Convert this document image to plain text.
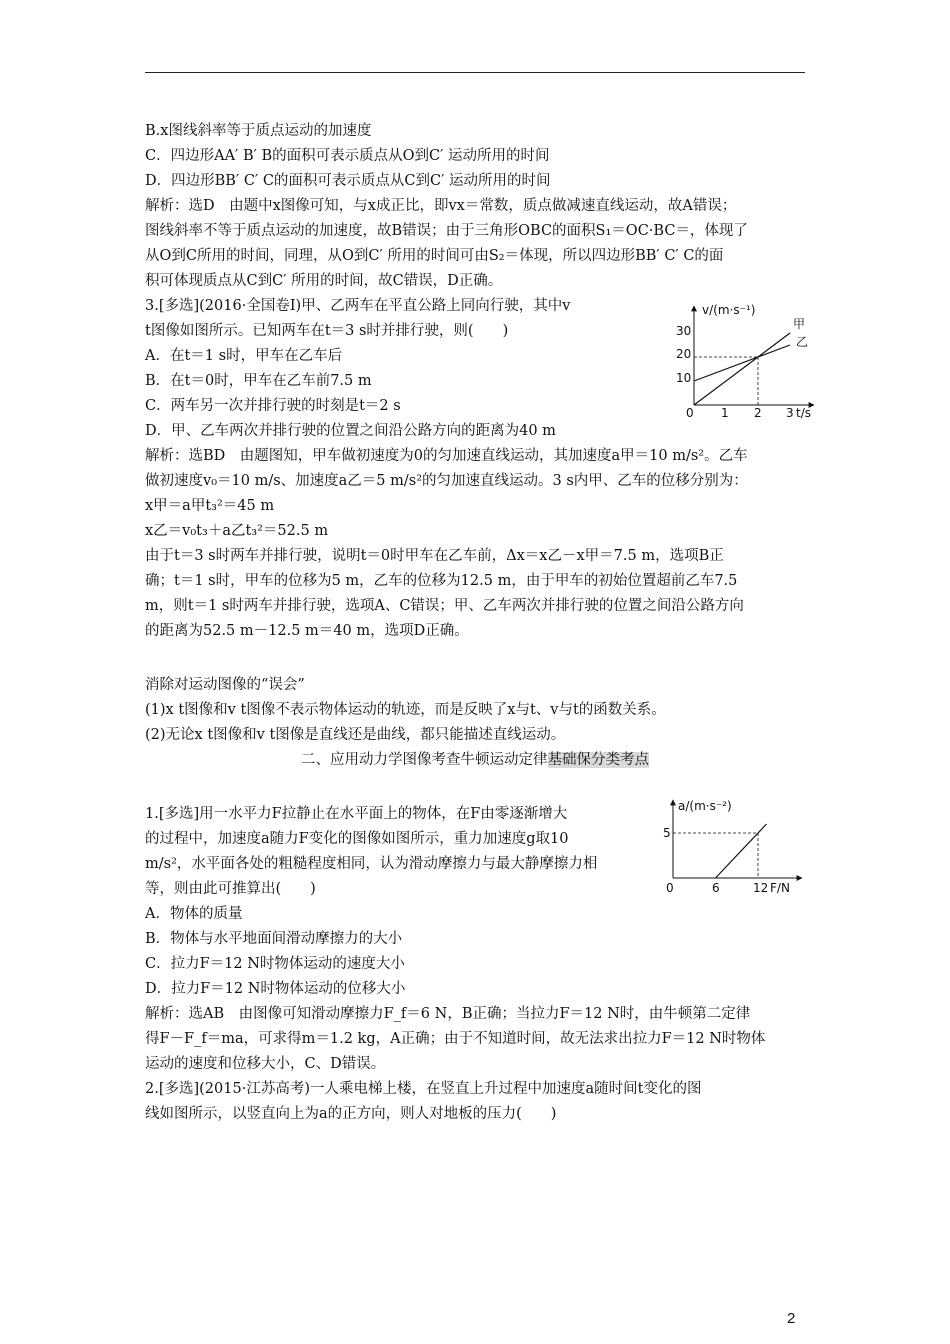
B.x图线斜率等于质点运动的加速度
C．四边形AA′ B′ B的面积可表示质点从O到C′ 运动所用的时间
D．四边形BB′ C′ C的面积可表示质点从C到C′ 运动所用的时间
解析：选D　由题中x图像可知，与x成正比，即vx＝常数，质点做减速直线运动，故A错误；
图线斜率不等于质点运动的加速度，故B错误；由于三角形OBC的面积S₁＝OC·BC＝，体现了
从O到C所用的时间，同理，从O到C′ 所用的时间可由S₂＝体现，所以四边形BB′ C′ C的面
积可体现质点从C到C′ 所用的时间，故C错误，D正确。
3.[多选](2016·全国卷Ⅰ)甲、乙两车在平直公路上同向行驶，其中v
t图像如图所示。已知两车在t＝3 s时并排行驶，则(　　)
A．在t＝1 s时，甲车在乙车后
B．在t＝0时，甲车在乙车前7.5 m
C．两车另一次并排行驶的时刻是t＝2 s
D．甲、乙车两次并排行驶的位置之间沿公路方向的距离为40 m
解析：选BD　由题图知，甲车做初速度为0的匀加速直线运动，其加速度a甲＝10 m/s²。乙车
做初速度v₀＝10 m/s、加速度a乙＝5 m/s²的匀加速直线运动。3 s内甲、乙车的位移分别为：
x甲＝a甲t₃²＝45 m
x乙＝v₀t₃＋a乙t₃²＝52.5 m
由于t＝3 s时两车并排行驶，说明t＝0时甲车在乙车前，Δx＝x乙－x甲＝7.5 m，选项B正
确；t＝1 s时，甲车的位移为5 m，乙车的位移为12.5 m，由于甲车的初始位置超前乙车7.5
m，则t＝1 s时两车并排行驶，选项A、C错误；甲、乙车两次并排行驶的位置之间沿公路方向
的距离为52.5 m－12.5 m＝40 m，选项D正确。
消除对运动图像的“误会”
(1)x t图像和v t图像不表示物体运动的轨迹，而是反映了x与t、v与t的函数关系。
(2)无论x t图像和v t图像是直线还是曲线，都只能描述直线运动。
二、应用动力学图像考查牛顿运动定律基础保分类考点
1.[多选]用一水平力F拉静止在水平面上的物体，在F由零逐渐增大
的过程中，加速度a随力F变化的图像如图所示，重力加速度g取10
m/s²，水平面各处的粗糙程度相同，认为滑动摩擦力与最大静摩擦力相
等，则由此可推算出(　　)
A．物体的质量
B．物体与水平地面间滑动摩擦力的大小
C．拉力F＝12 N时物体运动的速度大小
D．拉力F＝12 N时物体运动的位移大小
解析：选AB　由图像可知滑动摩擦力F_f＝6 N，B正确；当拉力F＝12 N时，由牛顿第二定律
得F－F_f＝ma，可求得m＝1.2 kg，A正确；由于不知道时间，故无法求出拉力F＝12 N时物体
运动的速度和位移大小，C、D错误。
2.[多选](2015·江苏高考)一人乘电梯上楼，在竖直上升过程中加速度a随时间t变化的图
线如图所示，以竖直向上为a的正方向，则人对地板的压力(　　)
v/(m·s⁻¹)
t/s
0 1 2 3
10
20
30	甲
乙
a/(m·s⁻²)
F/N
0	6	12
5
2
